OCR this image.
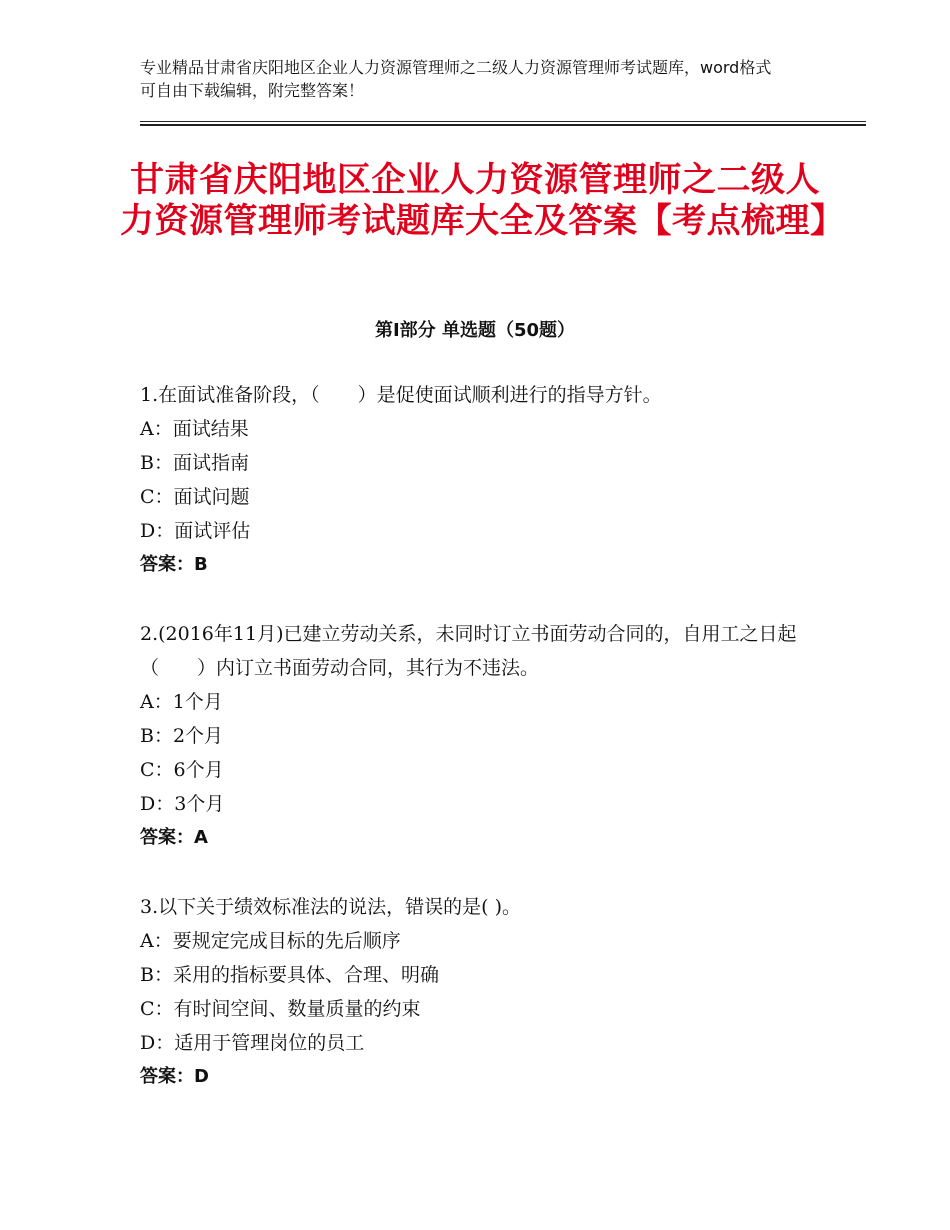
专业精品甘肃省庆阳地区企业人力资源管理师之二级人力资源管理师考试题库，word格式可自由下载编辑，附完整答案！
甘肃省庆阳地区企业人力资源管理师之二级人力资源管理师考试题库大全及答案【考点梳理】
第Ⅰ部分 单选题（50题）
1.在面试准备阶段，（　　）是促使面试顺利进行的指导方针。
A：面试结果
B：面试指南
C：面试问题
D：面试评估
答案：B
2.(2016年11月)已建立劳动关系，未同时订立书面劳动合同的，自用工之日起（　　）内订立书面劳动合同，其行为不违法。
A：1个月
B：2个月
C：6个月
D：3个月
答案：A
3.以下关于绩效标准法的说法，错误的是( )。
A：要规定完成目标的先后顺序
B：采用的指标要具体、合理、明确
C：有时间空间、数量质量的约束
D：适用于管理岗位的员工
答案：D
